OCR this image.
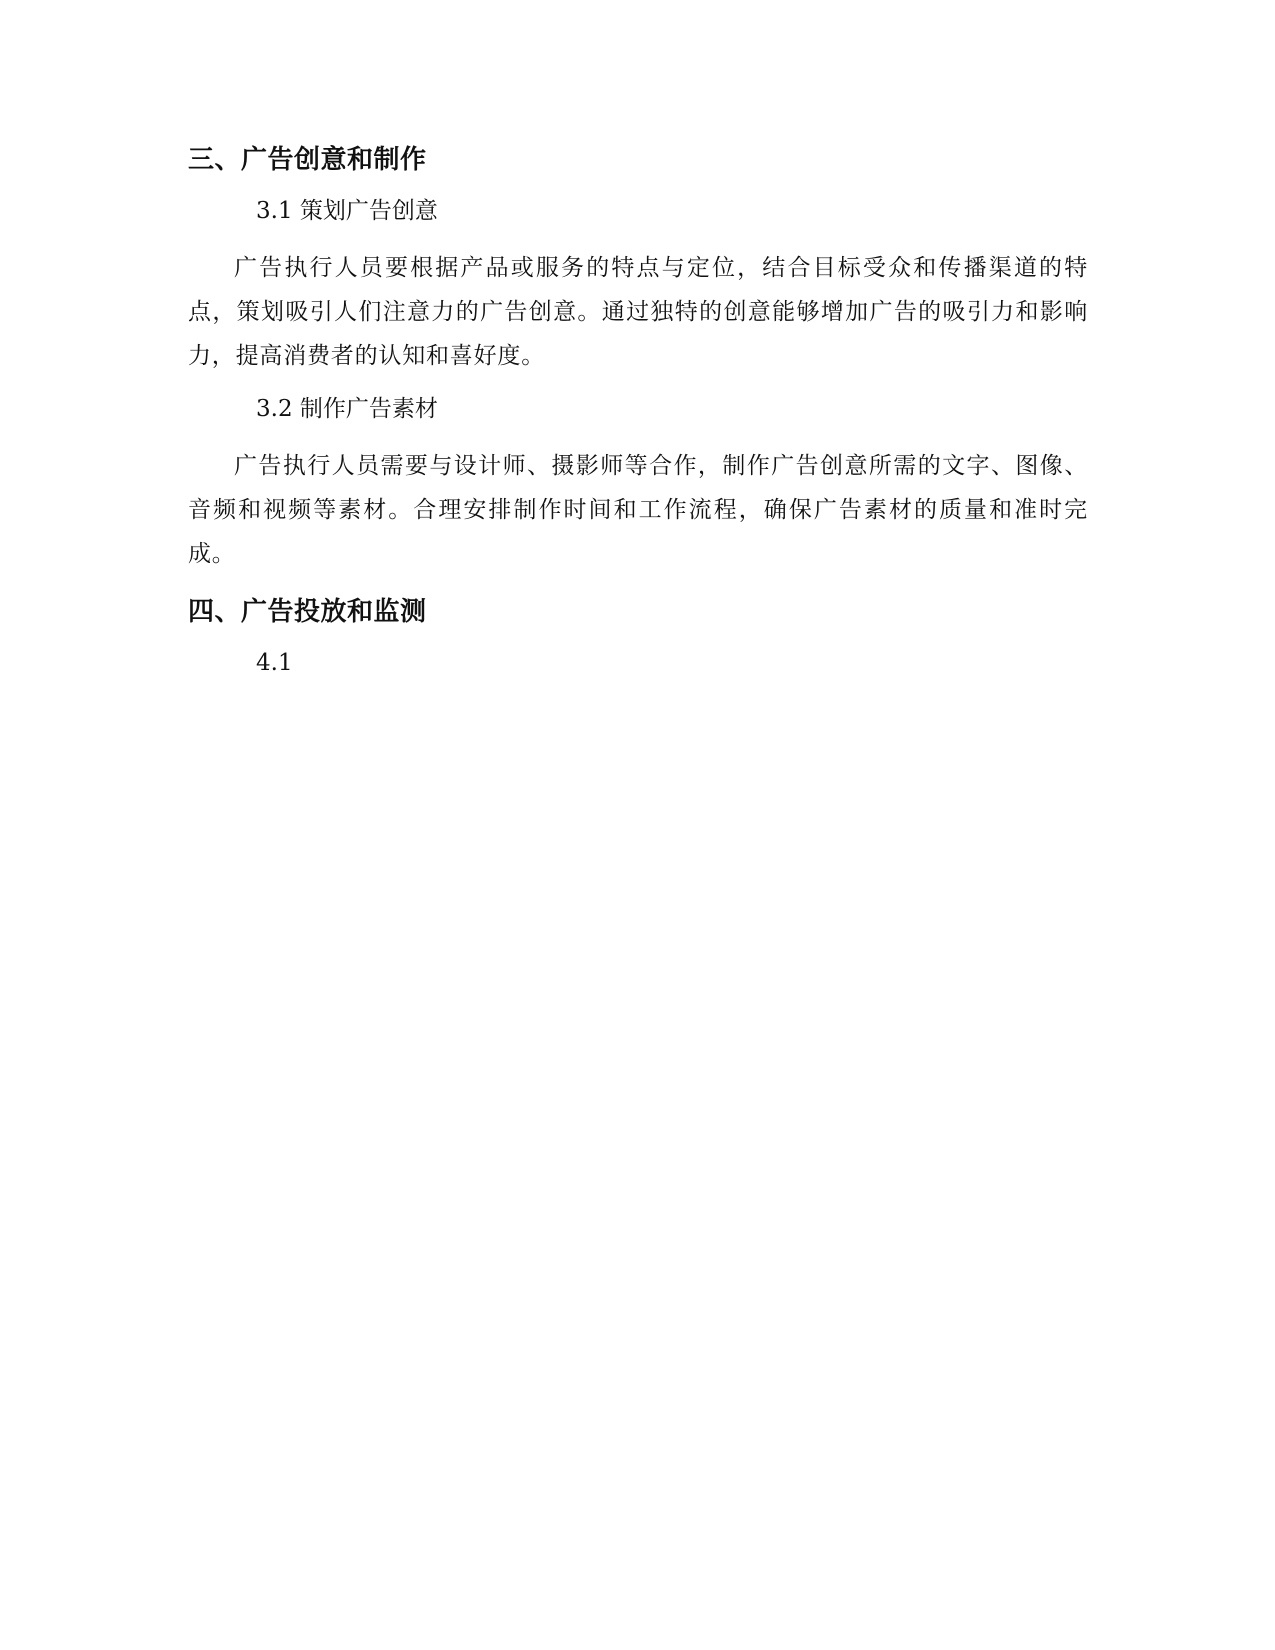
三、广告创意和制作
3.1 策划广告创意

广告执行人员要根据产品或服务的特点与定位，结合目标受众和传播渠道的特点，策划吸引人们注意力的广告创意。通过独特的创意能够增加广告的吸引力和影响力，提高消费者的认知和喜好度。

3.2 制作广告素材

广告执行人员需要与设计师、摄影师等合作，制作广告创意所需的文字、图像、音频和视频等素材。合理安排制作时间和工作流程，确保广告素材的质量和准时完成。

四、广告投放和监测
4.1
